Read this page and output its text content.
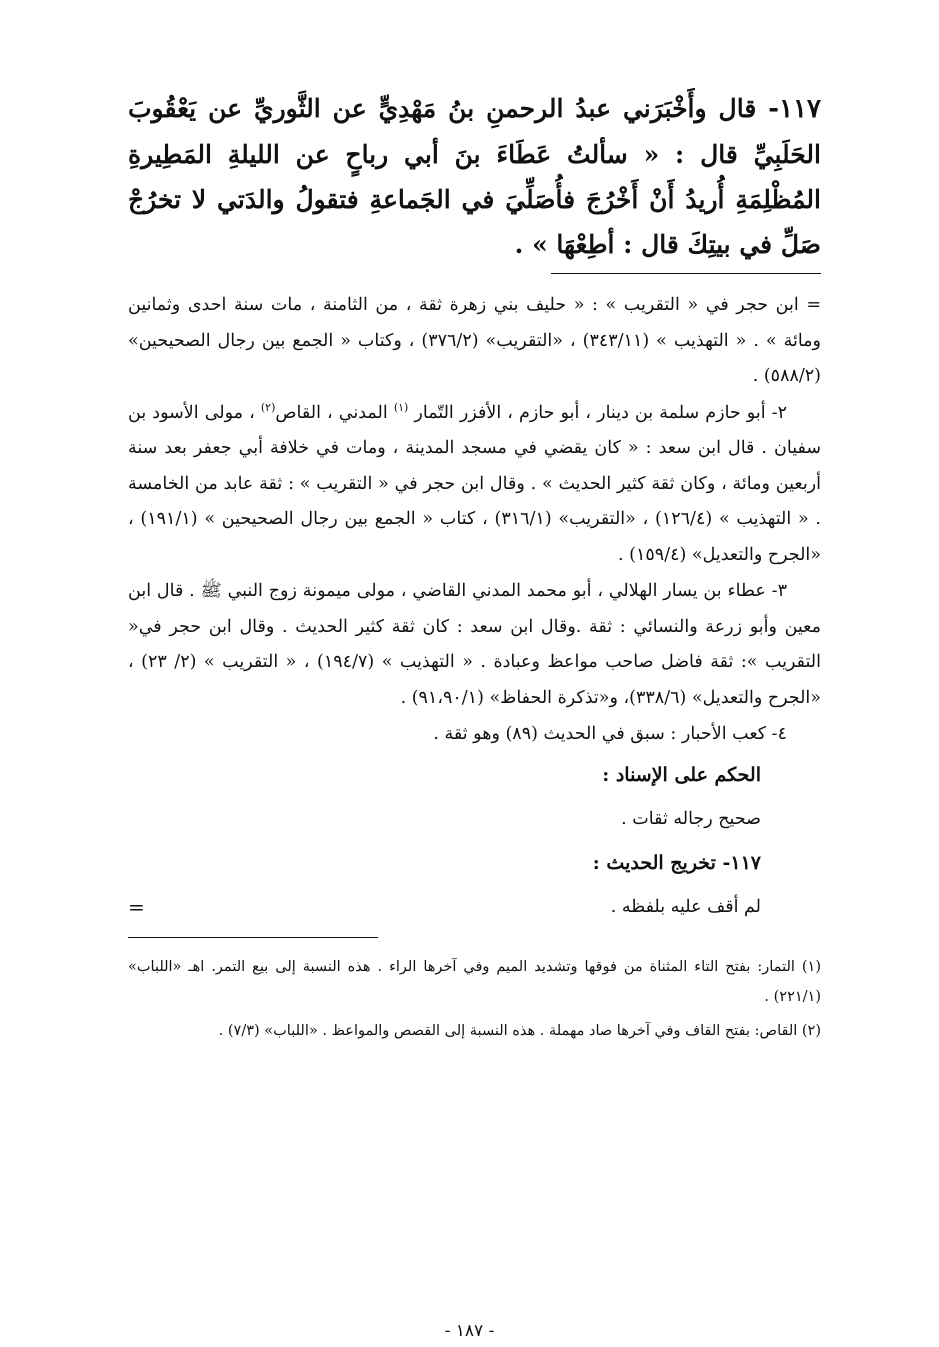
١١٧- قال وأَخْبَرَني عبدُ الرحمنِ بنُ مَهْدِيٍّ عن الثَّوريِّ عن يَعْقُوبَ الحَلَبِيِّ قال : « سألتُ عَطَاءَ بنَ أبي رباحٍ عن الليلةِ المَطِيرةِ المُظْلِمَةِ أُريدُ أَنْ أَخْرُجَ فأُصَلِّيَ في الجَماعةِ فتقولُ والدَتي لا تخرُجْ صَلِّ في بيتِكَ قال : أطِعْهَا » .

= ابن حجر في « التقريب » : « حليف بني زهرة ثقة ، من الثامنة ، مات سنة احدى وثمانين ومائة » . « التهذيب » (٣٤٣/١١) ، «التقريب» (٣٧٦/٢) ، وكتاب « الجمع بين رجال الصحيحين» (٥٨٨/٢) .

٢- أبو حازم سلمة بن دينار ، أبو حازم ، الأفزر التّمار $^{(١)}$ المدني ، القاص$^{(٢)}$ ، مولى الأسود بن سفيان . قال ابن سعد : « كان يقضي في مسجد المدينة ، ومات في خلافة أبي جعفر بعد سنة أربعين ومائة ، وكان ثقة كثير الحديث » . وقال ابن حجر في « التقريب » : ثقة عابد من الخامسة . « التهذيب » (١٢٦/٤) ، «التقريب» (٣١٦/١) ، كتاب « الجمع بين رجال الصحيحين » (١٩١/١) ، «الجرح والتعديل» (١٥٩/٤) .

٣- عطاء بن يسار الهلالي ، أبو محمد المدني القاضي ، مولى ميمونة زوج النبي ﷺ . قال ابن معين وأبو زرعة والنسائي : ثقة .وقال ابن سعد : كان ثقة كثير الحديث . وقال ابن حجر في« التقريب »: ثقة فاضل صاحب مواعظ وعبادة . « التهذيب » (١٩٤/٧) ، « التقريب » (٢/ ٢٣) ، «الجرح والتعديل» (٣٣٨/٦)، و«تذكرة الحفاظ» (٩١،٩٠/١) .

٤- كعب الأحبار : سبق في الحديث (٨٩) وهو ثقة .

الحكم على الإسناد :
صحيح رجاله ثقات .
١١٧- تخريج الحديث :
لم أقف عليه بلفظه .
=

(١) التمار: بفتح التاء المثناة من فوقها وتشديد الميم وفي آخرها الراء . هذه النسبة إلى بيع التمر. اهـ «اللباب» (٢٢١/١) .

(٢) القاص: بفتح القاف وفي آخرها صاد مهملة . هذه النسبة إلى القصص والمواعظ . «اللباب» (٧/٣) .

- ١٨٧ -
